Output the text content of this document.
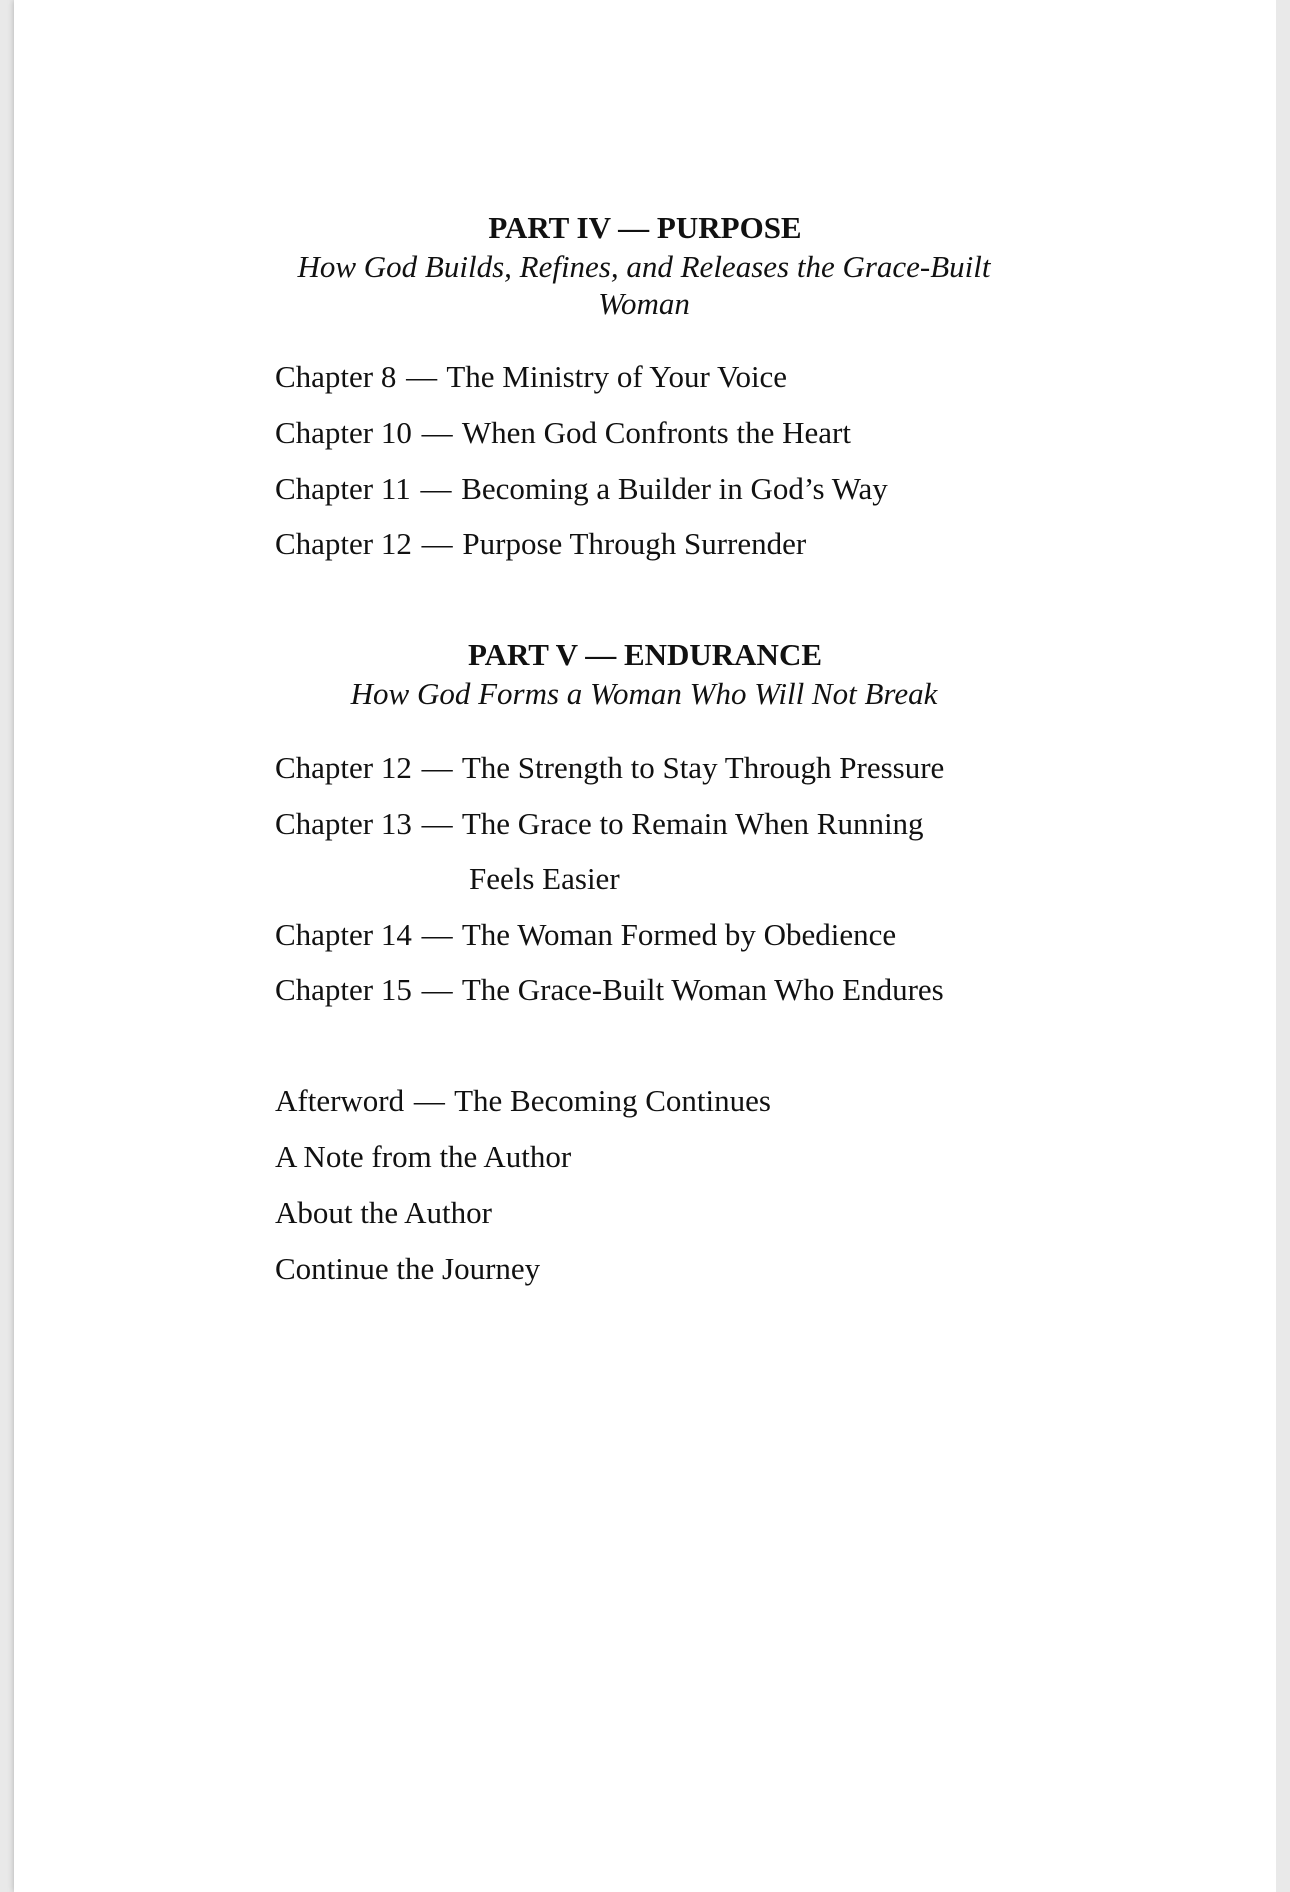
PART IV — PURPOSE
How God Builds, Refines, and Releases the Grace-Built Woman
Chapter 8 — The Ministry of Your Voice
Chapter 10 — When God Confronts the Heart
Chapter 11 — Becoming a Builder in God’s Way
Chapter 12 — Purpose Through Surrender
PART V — ENDURANCE
How God Forms a Woman Who Will Not Break
Chapter 12 — The Strength to Stay Through Pressure
Chapter 13 — The Grace to Remain When Running
Feels Easier
Chapter 14 — The Woman Formed by Obedience
Chapter 15 — The Grace-Built Woman Who Endures
Afterword — The Becoming Continues
A Note from the Author
About the Author
Continue the Journey
